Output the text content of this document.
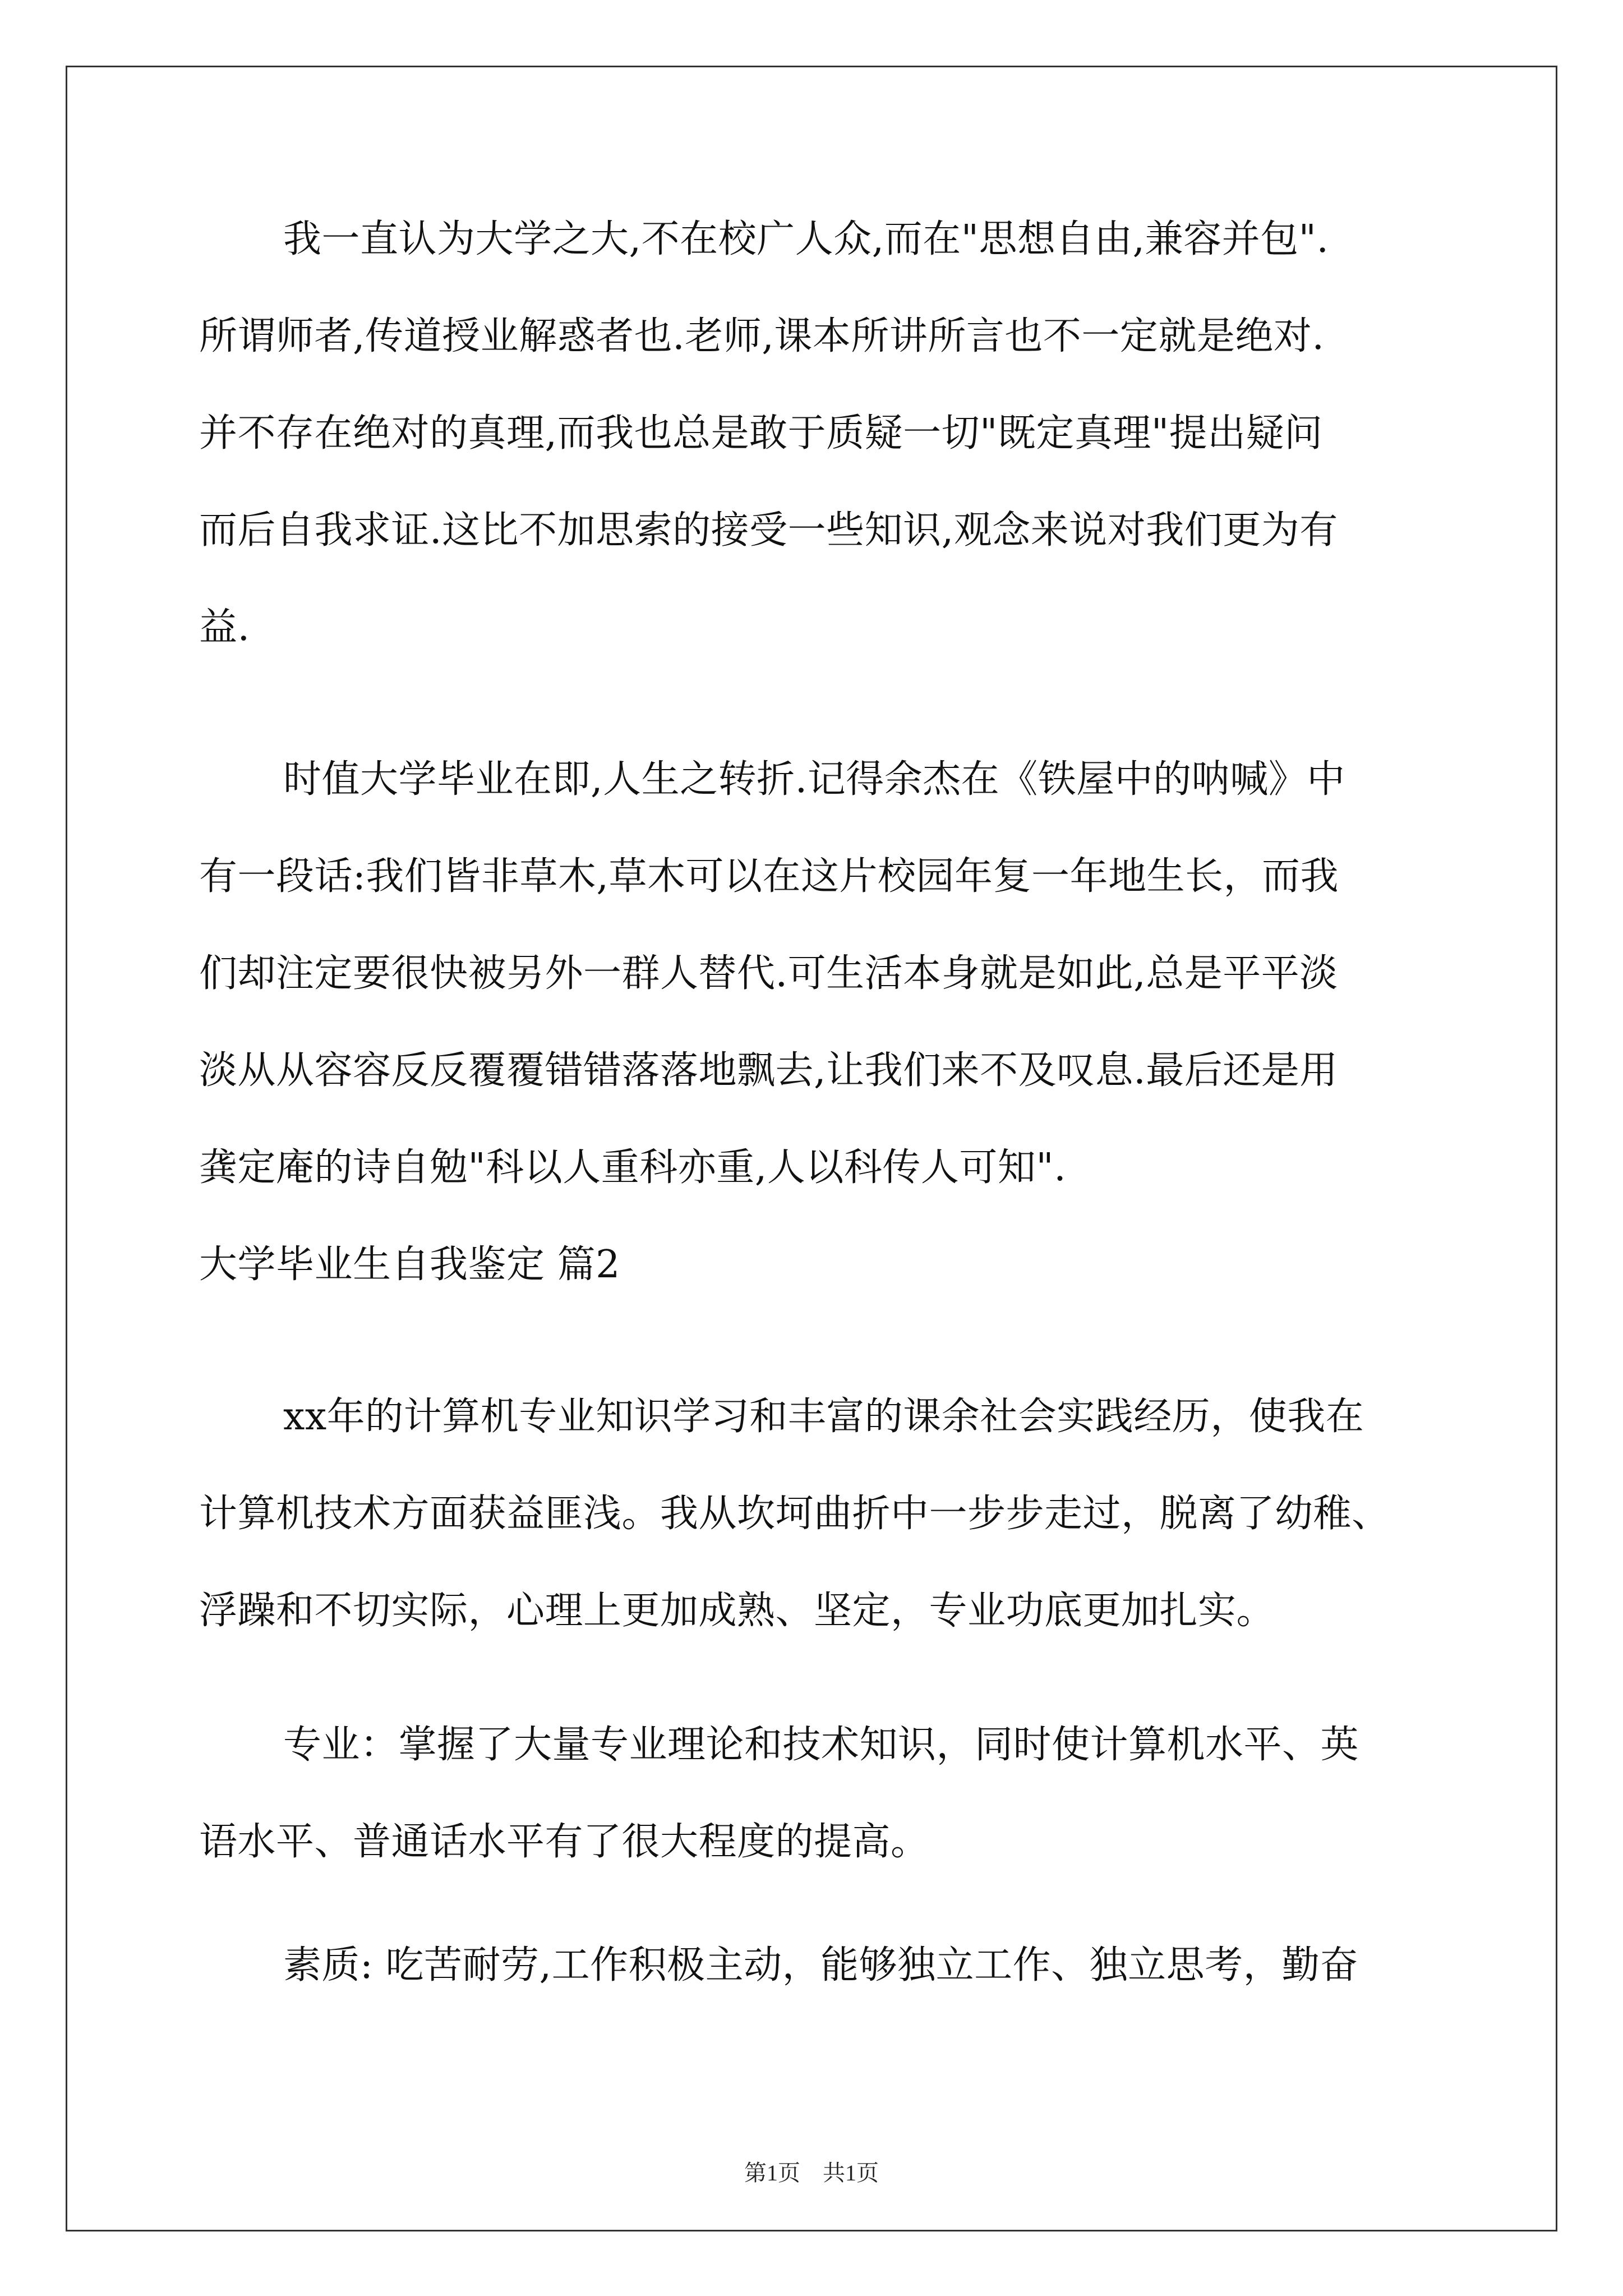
我一直认为大学之大,不在校广人众,而在"思想自由,兼容并包".
所谓师者,传道授业解惑者也.老师,课本所讲所言也不一定就是绝对.
并不存在绝对的真理,而我也总是敢于质疑一切"既定真理"提出疑问
而后自我求证.这比不加思索的接受一些知识,观念来说对我们更为有
益.
时值大学毕业在即,人生之转折.记得余杰在《铁屋中的呐喊》中
有一段话:我们皆非草木,草木可以在这片校园年复一年地生长，而我
们却注定要很快被另外一群人替代.可生活本身就是如此,总是平平淡
淡从从容容反反覆覆错错落落地飘去,让我们来不及叹息.最后还是用
龚定庵的诗自勉"科以人重科亦重,人以科传人可知".
大学毕业生自我鉴定 篇2
xx年的计算机专业知识学习和丰富的课余社会实践经历，使我在
计算机技术方面获益匪浅。我从坎坷曲折中一步步走过，脱离了幼稚、
浮躁和不切实际，心理上更加成熟、坚定，专业功底更加扎实。
专业：掌握了大量专业理论和技术知识，同时使计算机水平、英
语水平、普通话水平有了很大程度的提高。
素质: 吃苦耐劳,工作积极主动，能够独立工作、独立思考，勤奋
第1页　共1页
